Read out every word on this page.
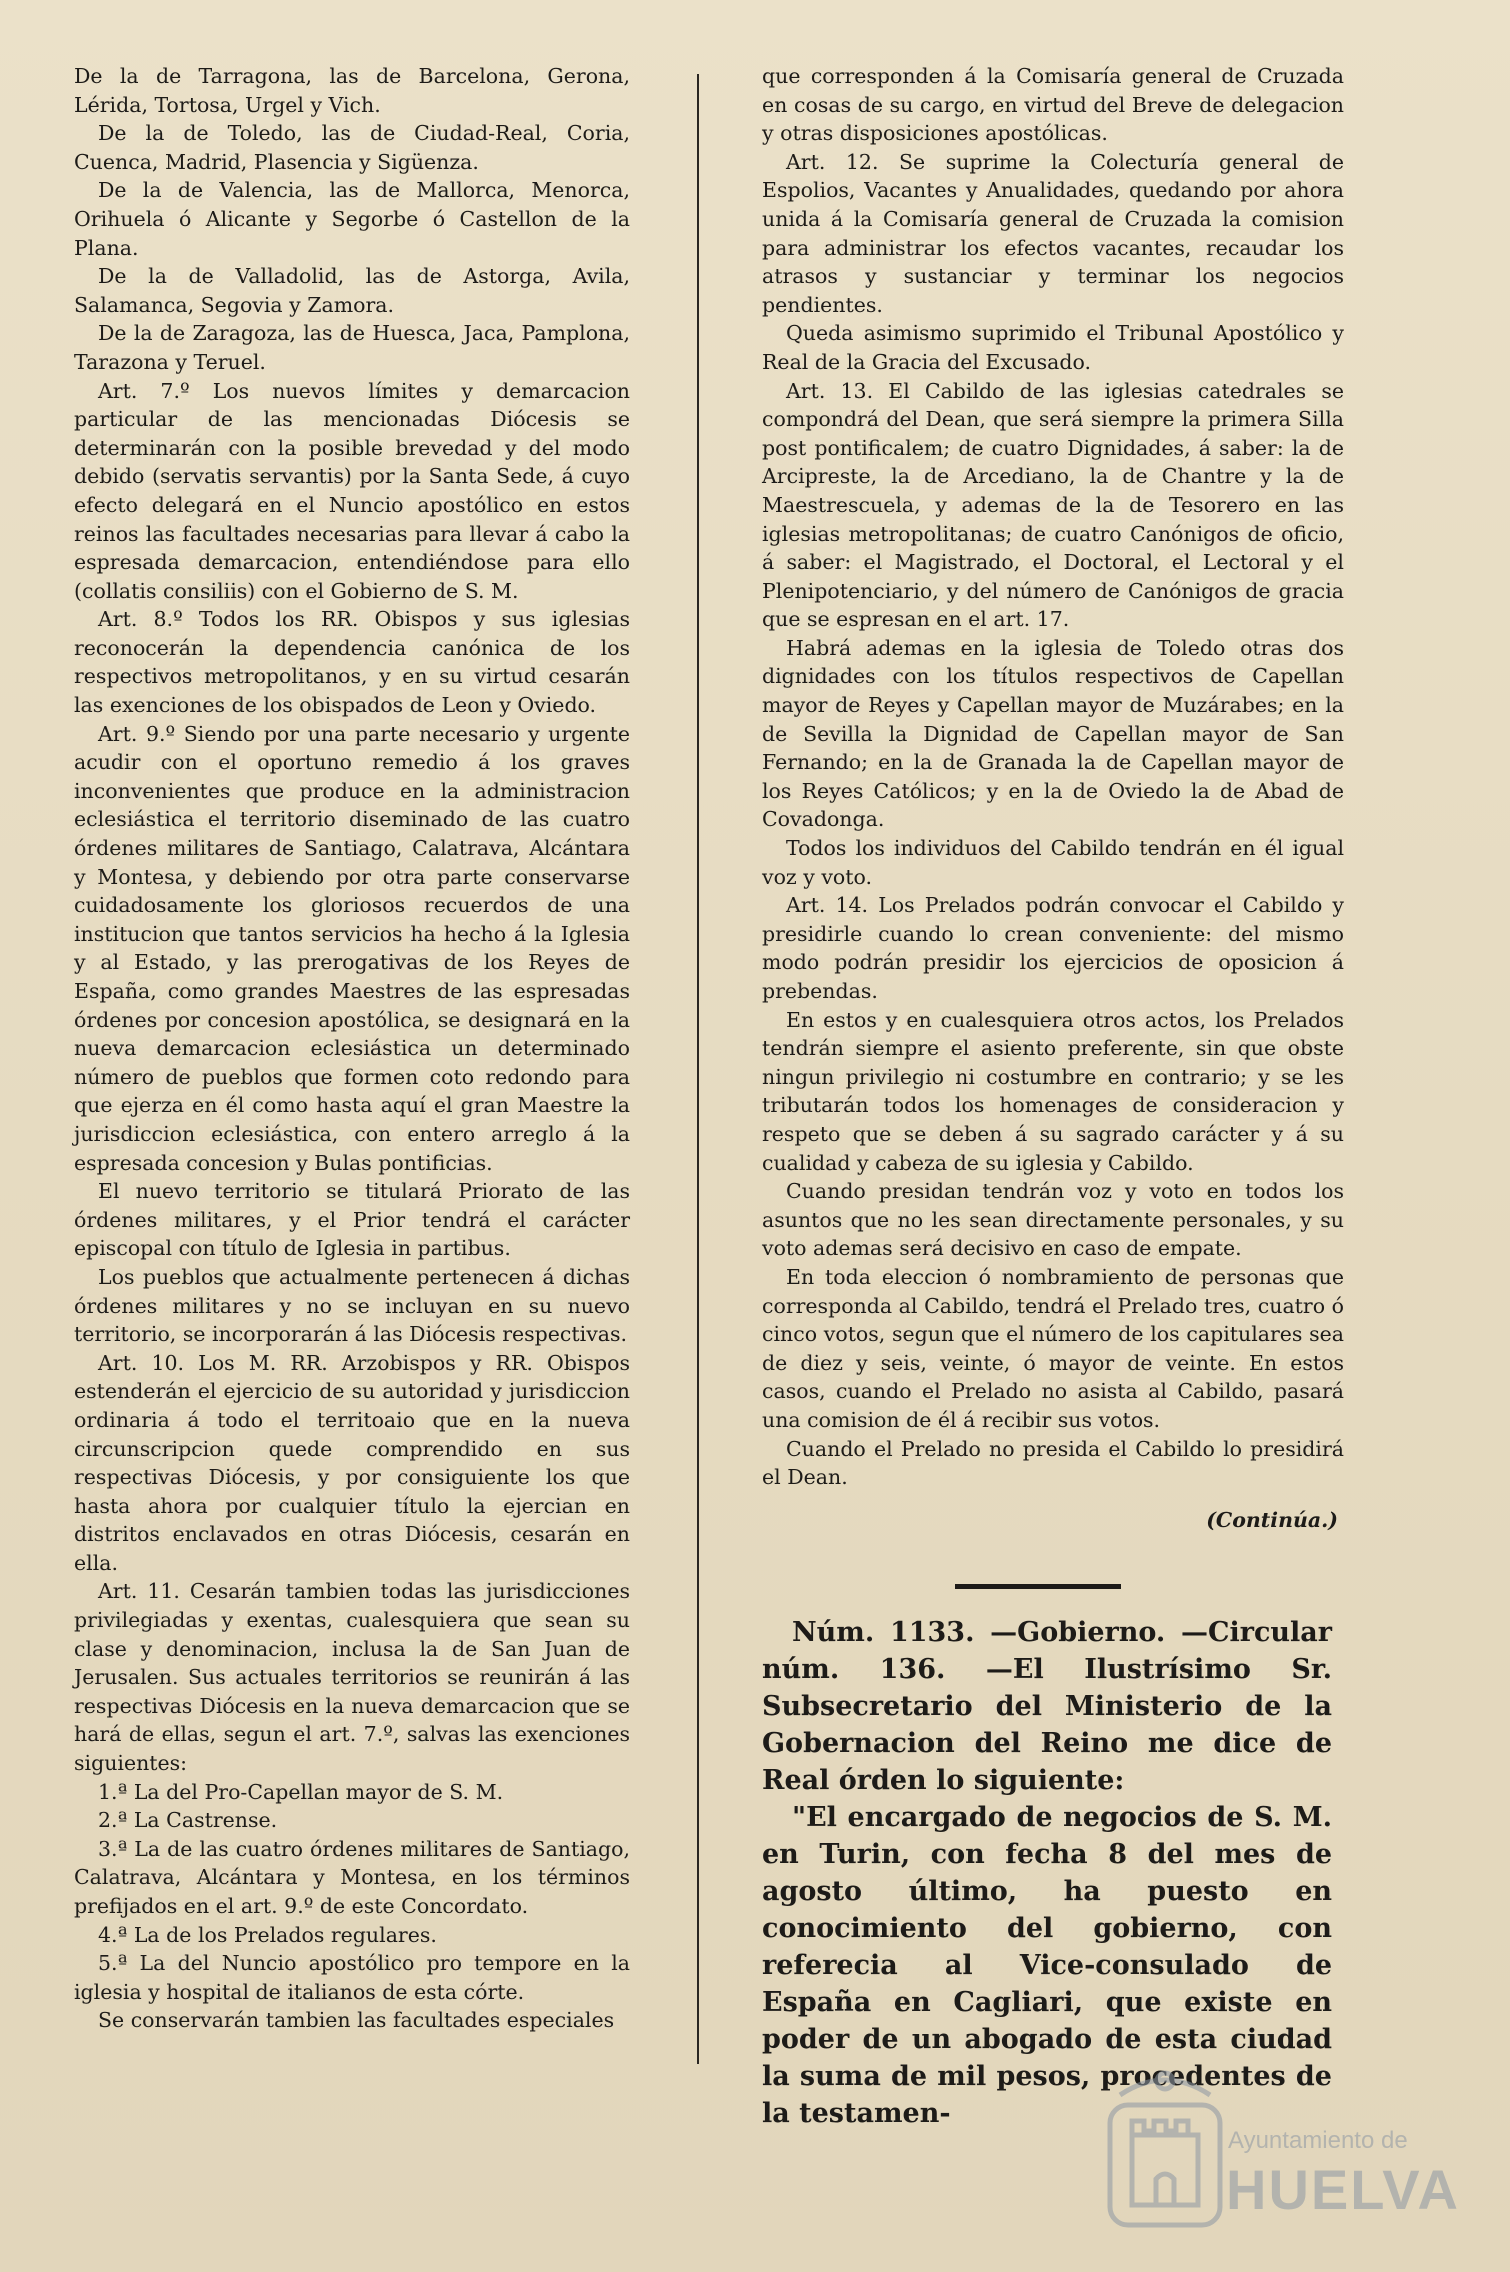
De la de Tarragona, las de Barcelona, Gerona, Lérida, Tortosa, Urgel y Vich.

De la de Toledo, las de Ciudad-Real, Coria, Cuenca, Madrid, Plasencia y Sigüenza.

De la de Valencia, las de Mallorca, Menorca, Orihuela ó Alicante y Segorbe ó Castellon de la Plana.

De la de Valladolid, las de Astorga, Avila, Salamanca, Segovia y Zamora.

De la de Zaragoza, las de Huesca, Jaca, Pamplona, Tarazona y Teruel.

Art. 7.º Los nuevos límites y demarcacion particular de las mencionadas Diócesis se determinarán con la posible brevedad y del modo debido (servatis servantis) por la Santa Sede, á cuyo efecto delegará en el Nuncio apostólico en estos reinos las facultades necesarias para llevar á cabo la espresada demarcacion, entendiéndose para ello (collatis consiliis) con el Gobierno de S. M.

Art. 8.º Todos los RR. Obispos y sus iglesias reconocerán la dependencia canónica de los respectivos metropolitanos, y en su virtud cesarán las exenciones de los obispados de Leon y Oviedo.

Art. 9.º Siendo por una parte necesario y urgente acudir con el oportuno remedio á los graves inconvenientes que produce en la administracion eclesiástica el territorio diseminado de las cuatro órdenes militares de Santiago, Calatrava, Alcántara y Montesa, y debiendo por otra parte conservarse cuidadosamente los gloriosos recuerdos de una institucion que tantos servicios ha hecho á la Iglesia y al Estado, y las prerogativas de los Reyes de España, como grandes Maestres de las espresadas órdenes por concesion apostólica, se designará en la nueva demarcacion eclesiástica un determinado número de pueblos que formen coto redondo para que ejerza en él como hasta aquí el gran Maestre la jurisdiccion eclesiástica, con entero arreglo á la espresada concesion y Bulas pontificias.

El nuevo territorio se titulará Priorato de las órdenes militares, y el Prior tendrá el carácter episcopal con título de Iglesia in partibus.

Los pueblos que actualmente pertenecen á dichas órdenes militares y no se incluyan en su nuevo territorio, se incorporarán á las Diócesis respectivas.

Art. 10. Los M. RR. Arzobispos y RR. Obispos estenderán el ejercicio de su autoridad y jurisdiccion ordinaria á todo el territoaio que en la nueva circunscripcion quede comprendido en sus respectivas Diócesis, y por consiguiente los que hasta ahora por cualquier título la ejercian en distritos enclavados en otras Diócesis, cesarán en ella.

Art. 11. Cesarán tambien todas las jurisdicciones privilegiadas y exentas, cualesquiera que sean su clase y denominacion, inclusa la de San Juan de Jerusalen. Sus actuales territorios se reunirán á las respectivas Diócesis en la nueva demarcacion que se hará de ellas, segun el art. 7.º, salvas las exenciones siguientes:

1.ª La del Pro-Capellan mayor de S. M.

2.ª La Castrense.

3.ª La de las cuatro órdenes militares de Santiago, Calatrava, Alcántara y Montesa, en los términos prefijados en el art. 9.º de este Concordato.

4.ª La de los Prelados regulares.

5.ª La del Nuncio apostólico pro tempore en la iglesia y hospital de italianos de esta córte.

Se conservarán tambien las facultades especiales

que corresponden á la Comisaría general de Cruzada en cosas de su cargo, en virtud del Breve de delegacion y otras disposiciones apostólicas.

Art. 12. Se suprime la Colecturía general de Espolios, Vacantes y Anualidades, quedando por ahora unida á la Comisaría general de Cruzada la comision para administrar los efectos vacantes, recaudar los atrasos y sustanciar y terminar los negocios pendientes.

Queda asimismo suprimido el Tribunal Apostólico y Real de la Gracia del Excusado.

Art. 13. El Cabildo de las iglesias catedrales se compondrá del Dean, que será siempre la primera Silla post pontificalem; de cuatro Dignidades, á saber: la de Arcipreste, la de Arcediano, la de Chantre y la de Maestrescuela, y ademas de la de Tesorero en las iglesias metropolitanas; de cuatro Canónigos de oficio, á saber: el Magistrado, el Doctoral, el Lectoral y el Plenipotenciario, y del número de Canónigos de gracia que se espresan en el art. 17.

Habrá ademas en la iglesia de Toledo otras dos dignidades con los títulos respectivos de Capellan mayor de Reyes y Capellan mayor de Muzárabes; en la de Sevilla la Dignidad de Capellan mayor de San Fernando; en la de Granada la de Capellan mayor de los Reyes Católicos; y en la de Oviedo la de Abad de Covadonga.

Todos los individuos del Cabildo tendrán en él igual voz y voto.

Art. 14. Los Prelados podrán convocar el Cabildo y presidirle cuando lo crean conveniente: del mismo modo podrán presidir los ejercicios de oposicion á prebendas.

En estos y en cualesquiera otros actos, los Prelados tendrán siempre el asiento preferente, sin que obste ningun privilegio ni costumbre en contrario; y se les tributarán todos los homenages de consideracion y respeto que se deben á su sagrado carácter y á su cualidad y cabeza de su iglesia y Cabildo.

Cuando presidan tendrán voz y voto en todos los asuntos que no les sean directamente personales, y su voto ademas será decisivo en caso de empate.

En toda eleccion ó nombramiento de personas que corresponda al Cabildo, tendrá el Prelado tres, cuatro ó cinco votos, segun que el número de los capitulares sea de diez y seis, veinte, ó mayor de veinte. En estos casos, cuando el Prelado no asista al Cabildo, pasará una comision de él á recibir sus votos.

Cuando el Prelado no presida el Cabildo lo presidirá el Dean.

(Continúa.)

Núm. 1133. —Gobierno. —Circular núm. 136. —El Ilustrísimo Sr. Subsecretario del Ministerio de la Gobernacion del Reino me dice de Real órden lo siguiente:

"El encargado de negocios de S. M. en Turin, con fecha 8 del mes de agosto último, ha puesto en conocimiento del gobierno, con referecia al Vice-consulado de España en Cagliari, que existe en poder de un abogado de esta ciudad la suma de mil pesos, procedentes de la testamen-

Ayuntamiento de
HUELVA
